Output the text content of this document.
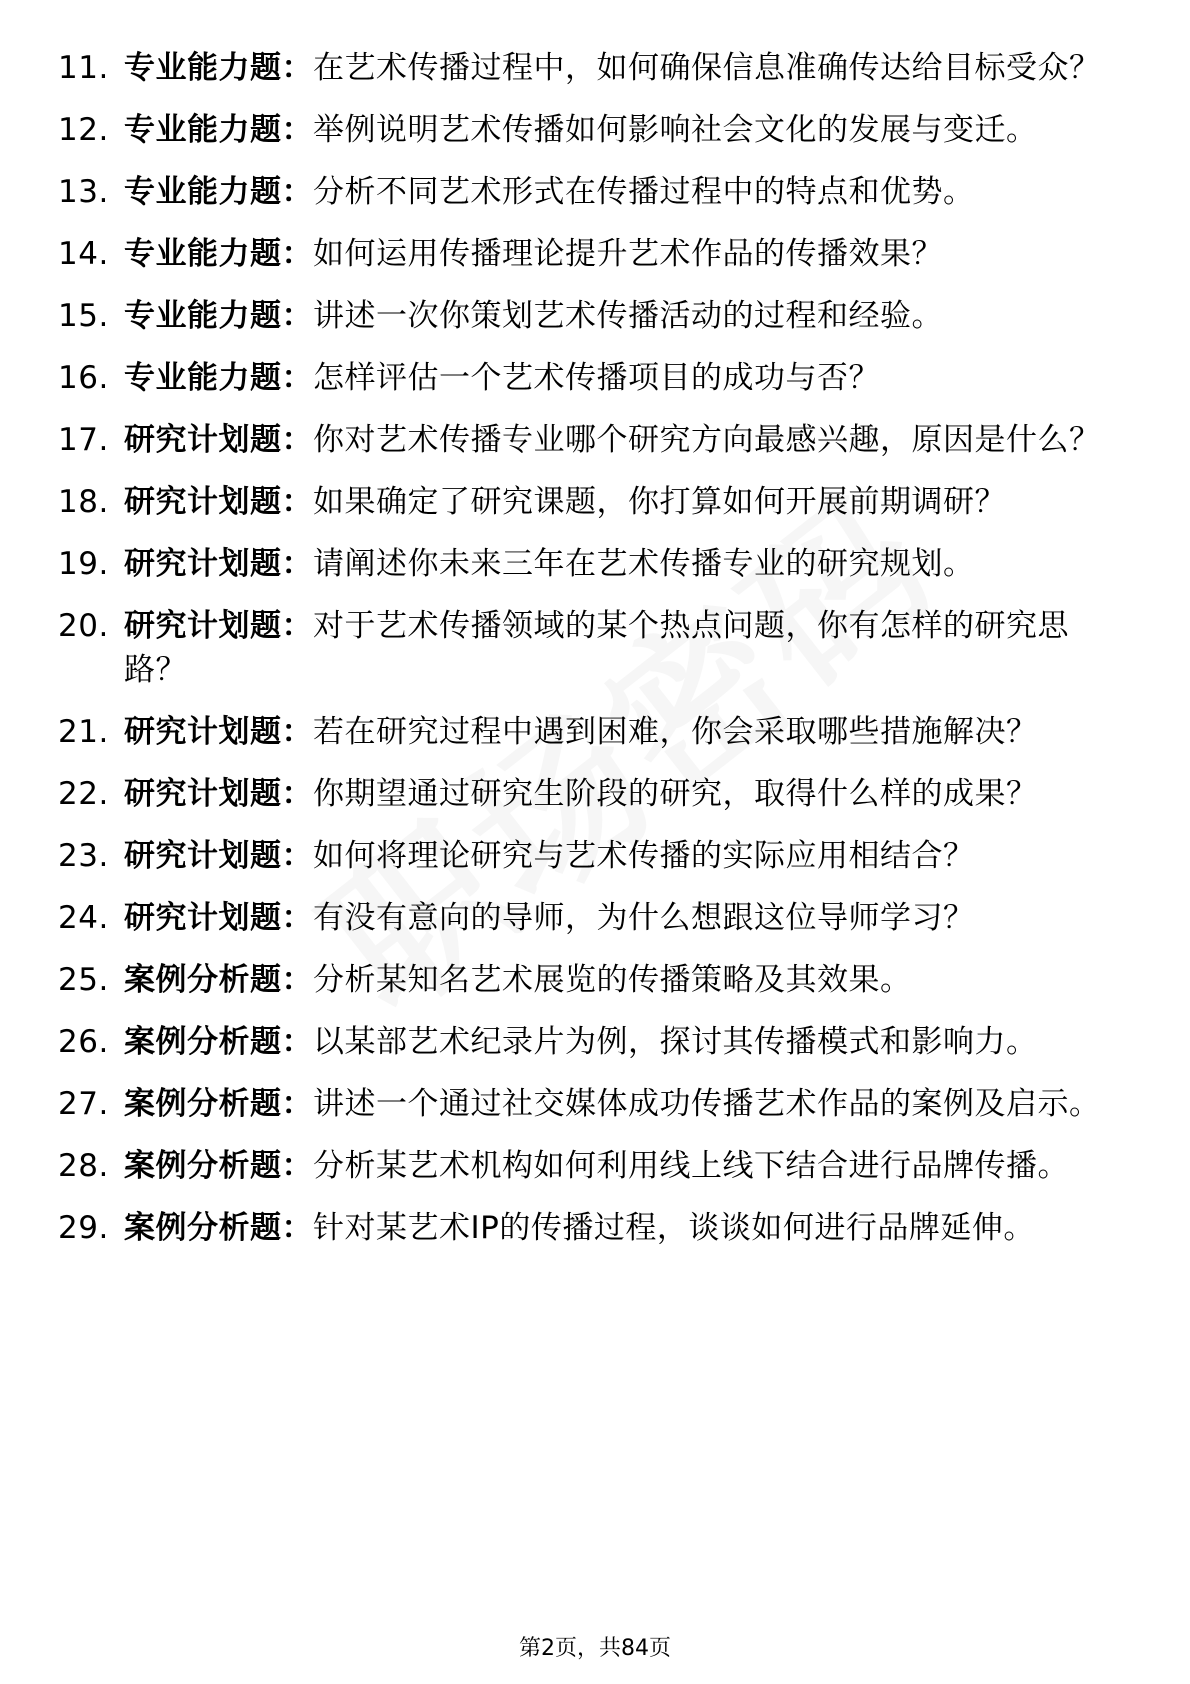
11. 专业能力题：在艺术传播过程中，如何确保信息准确传达给目标受众？
12. 专业能力题：举例说明艺术传播如何影响社会文化的发展与变迁。
13. 专业能力题：分析不同艺术形式在传播过程中的特点和优势。
14. 专业能力题：如何运用传播理论提升艺术作品的传播效果？
15. 专业能力题：讲述一次你策划艺术传播活动的过程和经验。
16. 专业能力题：怎样评估一个艺术传播项目的成功与否？
17. 研究计划题：你对艺术传播专业哪个研究方向最感兴趣，原因是什么？
18. 研究计划题：如果确定了研究课题，你打算如何开展前期调研？
19. 研究计划题：请阐述你未来三年在艺术传播专业的研究规划。
20. 研究计划题：对于艺术传播领域的某个热点问题，你有怎样的研究思路？
21. 研究计划题：若在研究过程中遇到困难，你会采取哪些措施解决？
22. 研究计划题：你期望通过研究生阶段的研究，取得什么样的成果？
23. 研究计划题：如何将理论研究与艺术传播的实际应用相结合？
24. 研究计划题：有没有意向的导师，为什么想跟这位导师学习？
25. 案例分析题：分析某知名艺术展览的传播策略及其效果。
26. 案例分析题：以某部艺术纪录片为例，探讨其传播模式和影响力。
27. 案例分析题：讲述一个通过社交媒体成功传播艺术作品的案例及启示。
28. 案例分析题：分析某艺术机构如何利用线上线下结合进行品牌传播。
29. 案例分析题：针对某艺术IP的传播过程，谈谈如何进行品牌延伸。
第2页，共84页
